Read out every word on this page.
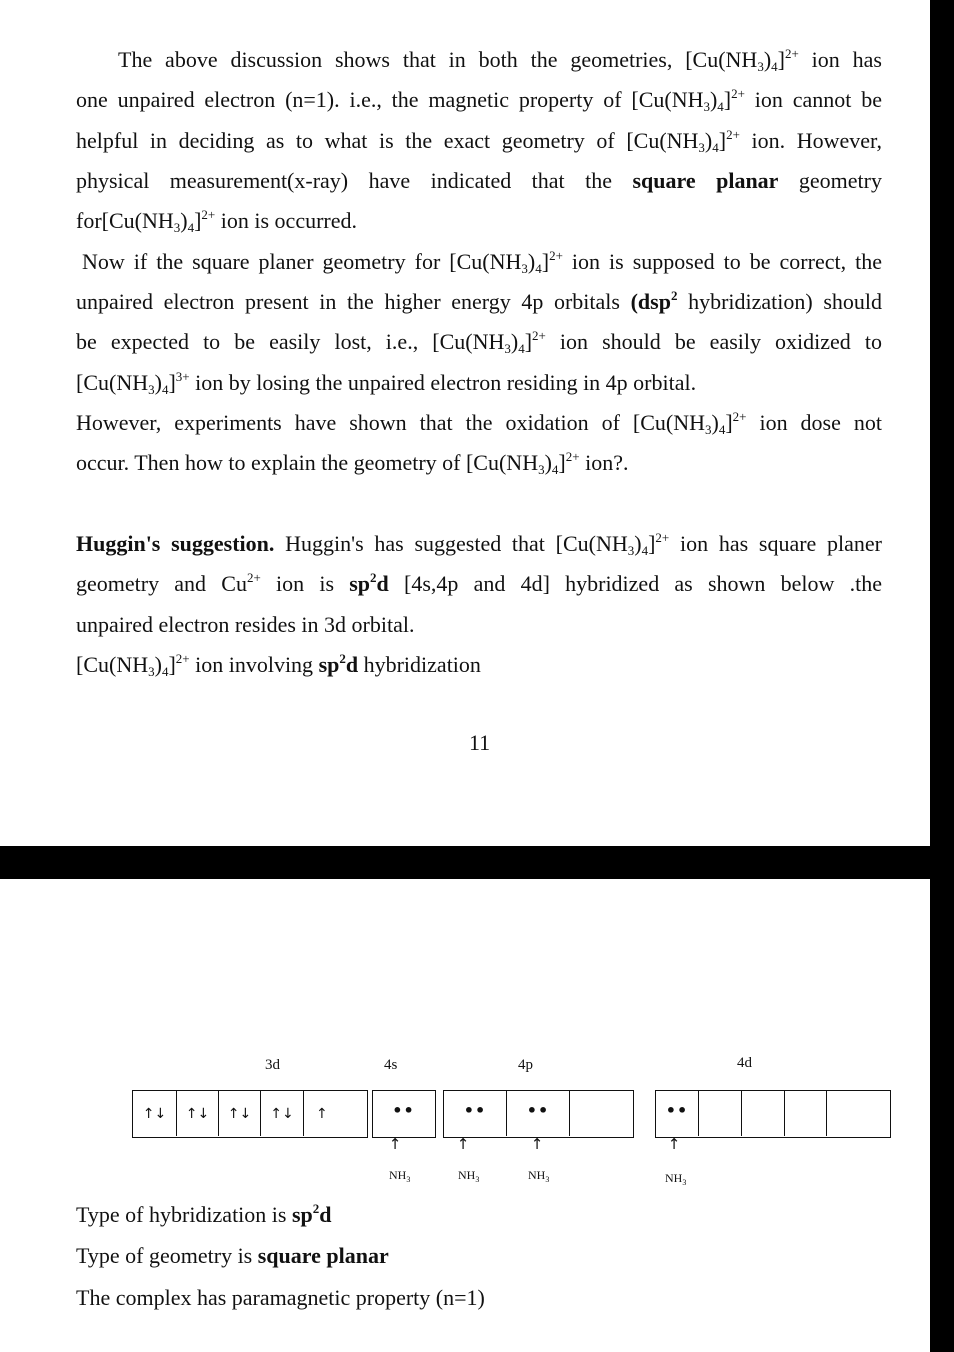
The above discussion shows that in both the geometries, $[Cu(NH_3)_4]^{2+}$ ion has
one unpaired electron (n=1). i.e., the magnetic property of $[Cu(NH_3)_4]^{2+}$ ion cannot be
helpful in deciding as to what is the exact geometry of $[Cu(NH_3)_4]^{2+}$ ion. However,
physical measurement(x-ray) have indicated that the square planar geometry
$for[Cu(NH_3)_4]^{2+}$ ion is occurred.
Now if the square planer geometry for $[Cu(NH_3)_4]^{2+}$ ion is supposed to be correct, the
unpaired electron present in the higher energy 4p orbitals (dsp$^2$ hybridization) should
be expected to be easily lost, i.e., $[Cu(NH_3)_4]^{2+}$ ion should be easily oxidized to
$[Cu(NH_3)_4]^{3+}$ ion by losing the unpaired electron residing in 4p orbital.
However, experiments have shown that the oxidation of $[Cu(NH_3)_4]^{2+}$ ion dose not
occur. Then how to explain the geometry of $[Cu(NH_3)_4]^{2+}$ ion?.
Huggin's suggestion. Huggin's has suggested that $[Cu(NH_3)_4]^{2+}$ ion has square planer
geometry and $Cu^{2+}$ ion is $sp^2d$ [4s,4p and 4d] hybridized as shown below .the
unpaired electron resides in 3d orbital.
$[Cu(NH_3)_4]^{2+}$ ion involving $sp^2d$ hybridization
11
3d	4s	4p	4d
↑↓	↑↓	↑↓	↑↓	↑	••	••	••	••
↑	↑	↑	↑
$NH_3$	$NH_3$	$NH_3$	$NH_3$
Type of hybridization is $sp^2d$
Type of geometry is square planar
The complex has paramagnetic property (n=1)
